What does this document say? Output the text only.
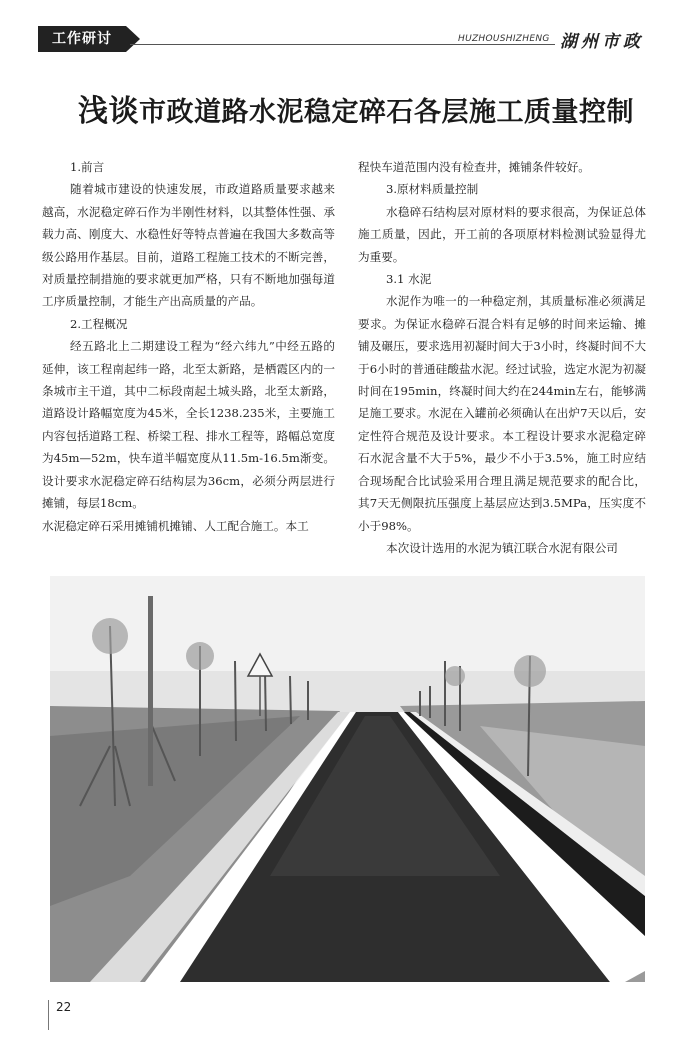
工作研讨	HUZHOUSHIZHENG 湖州市政
浅谈市政道路水泥稳定碎石各层施工质量控制

1.前言

随着城市建设的快速发展，市政道路质量要求越来越高，水泥稳定碎石作为半刚性材料，以其整体性强、承载力高、刚度大、水稳性好等特点普遍在我国大多数高等级公路用作基层。目前，道路工程施工技术的不断完善，对质量控制措施的要求就更加严格，只有不断地加强每道工序质量控制，才能生产出高质量的产品。

2.工程概况

经五路北上二期建设工程为“经六纬九”中经五路的延伸，该工程南起纬一路，北至太新路，是栖霞区内的一条城市主干道，其中二标段南起土城头路，北至太新路，道路设计路幅宽度为45米，全长1238.235米，主要施工内容包括道路工程、桥梁工程、排水工程等，路幅总宽度为45m—52m，快车道半幅宽度从11.5m-16.5m渐变。设计要求水泥稳定碎石结构层为36cm，必须分两层进行摊铺，每层18cm。

水泥稳定碎石采用摊铺机摊铺、人工配合施工。本工

程快车道范围内没有检查井，摊铺条件较好。

3.原材料质量控制

水稳碎石结构层对原材料的要求很高，为保证总体施工质量，因此，开工前的各项原材料检测试验显得尤为重要。

3.1 水泥

水泥作为唯一的一种稳定剂，其质量标准必须满足要求。为保证水稳碎石混合料有足够的时间来运输、摊铺及碾压，要求选用初凝时间大于3小时，终凝时间不大于6小时的普通硅酸盐水泥。经过试验，选定水泥为初凝时间在195min，终凝时间大约在244min左右，能够满足施工要求。水泥在入罐前必须确认在出炉7天以后，安定性符合规范及设计要求。本工程设计要求水泥稳定碎石水泥含量不大于5%，最少不小于3.5%，施工时应结合现场配合比试验采用合理且满足规范要求的配合比，其7天无侧限抗压强度上基层应达到3.5MPa，压实度不小于98%。

本次设计选用的水泥为镇江联合水泥有限公司

22
